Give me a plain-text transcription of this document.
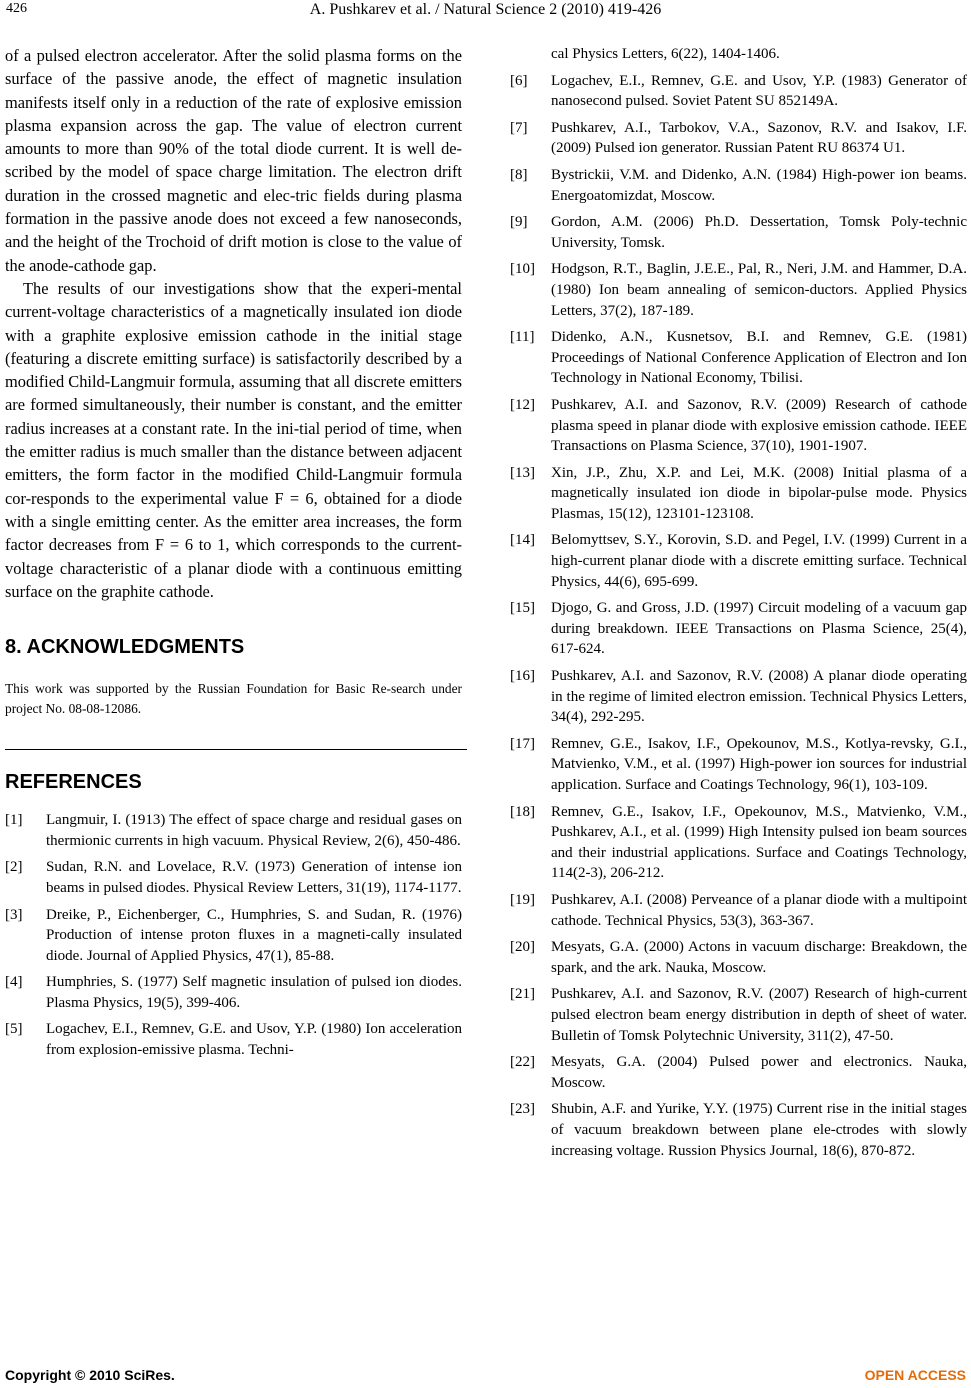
426	A. Pushkarev et al. / Natural Science 2 (2010) 419-426

of a pulsed electron accelerator. After the solid plasma forms on the surface of the passive anode, the effect of magnetic insulation manifests itself only in a reduction of the rate of explosive emission plasma expansion across the gap. The value of electron current amounts to more than 90% of the total diode current. It is well de-scribed by the model of space charge limitation. The electron drift duration in the crossed magnetic and elec-tric fields during plasma formation in the passive anode does not exceed a few nanoseconds, and the height of the Trochoid of drift motion is close to the value of the anode-cathode gap.

The results of our investigations show that the experi-mental current-voltage characteristics of a magnetically insulated ion diode with a graphite explosive emission cathode in the initial stage (featuring a discrete emitting surface) is satisfactorily described by a modified Child-Langmuir formula, assuming that all discrete emitters are formed simultaneously, their number is constant, and the emitter radius increases at a constant rate. In the ini-tial period of time, when the emitter radius is much smaller than the distance between adjacent emitters, the form factor in the modified Child-Langmuir formula cor-responds to the experimental value F = 6, obtained for a diode with a single emitting center. As the emitter area increases, the form factor decreases from F = 6 to 1, which corresponds to the current-voltage characteristic of a planar diode with a continuous emitting surface on the graphite cathode.

8. ACKNOWLEDGMENTS

This work was supported by the Russian Foundation for Basic Re-search under project No. 08-08-12086.

REFERENCES
[1] Langmuir, I. (1913) The effect of space charge and residual gases on thermionic currents in high vacuum. Physical Review, 2(6), 450-486.
[2] Sudan, R.N. and Lovelace, R.V. (1973) Generation of intense ion beams in pulsed diodes. Physical Review Letters, 31(19), 1174-1177.
[3] Dreike, P., Eichenberger, C., Humphries, S. and Sudan, R. (1976) Production of intense proton fluxes in a magneti-cally insulated diode. Journal of Applied Physics, 47(1), 85-88.
[4] Humphries, S. (1977) Self magnetic insulation of pulsed ion diodes. Plasma Physics, 19(5), 399-406.
[5] Logachev, E.I., Remnev, G.E. and Usov, Y.P. (1980) Ion acceleration from explosion-emissive plasma. Techni-
cal Physics Letters, 6(22), 1404-1406.
[6] Logachev, E.I., Remnev, G.E. and Usov, Y.P. (1983) Generator of nanosecond pulsed. Soviet Patent SU 852149A.
[7] Pushkarev, A.I., Tarbokov, V.A., Sazonov, R.V. and Isakov, I.F. (2009) Pulsed ion generator. Russian Patent RU 86374 U1.
[8] Bystrickii, V.M. and Didenko, A.N. (1984) High-power ion beams. Energoatomizdat, Moscow.
[9] Gordon, A.M. (2006) Ph.D. Dessertation, Tomsk Poly-technic University, Tomsk.
[10] Hodgson, R.T., Baglin, J.E.E., Pal, R., Neri, J.M. and Hammer, D.A. (1980) Ion beam annealing of semicon-ductors. Applied Physics Letters, 37(2), 187-189.
[11] Didenko, A.N., Kusnetsov, B.I. and Remnev, G.E. (1981) Proceedings of National Conference Application of Electron and Ion Technology in National Economy, Tbilisi.
[12] Pushkarev, A.I. and Sazonov, R.V. (2009) Research of cathode plasma speed in planar diode with explosive emission cathode. IEEE Transactions on Plasma Science, 37(10), 1901-1907.
[13] Xin, J.P., Zhu, X.P. and Lei, M.K. (2008) Initial plasma of a magnetically insulated ion diode in bipolar-pulse mode. Physics Plasmas, 15(12), 123101-123108.
[14] Belomyttsev, S.Y., Korovin, S.D. and Pegel, I.V. (1999) Current in a high-current planar diode with a discrete emitting surface. Technical Physics, 44(6), 695-699.
[15] Djogo, G. and Gross, J.D. (1997) Circuit modeling of a vacuum gap during breakdown. IEEE Transactions on Plasma Science, 25(4), 617-624.
[16] Pushkarev, A.I. and Sazonov, R.V. (2008) A planar diode operating in the regime of limited electron emission. Technical Physics Letters, 34(4), 292-295.
[17] Remnev, G.E., Isakov, I.F., Opekounov, M.S., Kotlya-revsky, G.I., Matvienko, V.M., et al. (1997) High-power ion sources for industrial application. Surface and Coatings Technology, 96(1), 103-109.
[18] Remnev, G.E., Isakov, I.F., Opekounov, M.S., Matvienko, V.M., Pushkarev, A.I., et al. (1999) High Intensity pulsed ion beam sources and their industrial applications. Surface and Coatings Technology, 114(2-3), 206-212.
[19] Pushkarev, A.I. (2008) Perveance of a planar diode with a multipoint cathode. Technical Physics, 53(3), 363-367.
[20] Mesyats, G.A. (2000) Actons in vacuum discharge: Breakdown, the spark, and the ark. Nauka, Moscow.
[21] Pushkarev, A.I. and Sazonov, R.V. (2007) Research of high-current pulsed electron beam energy distribution in depth of sheet of water. Bulletin of Tomsk Polytechnic University, 311(2), 47-50.
[22] Mesyats, G.A. (2004) Pulsed power and electronics. Nauka, Moscow.
[23] Shubin, A.F. and Yurike, Y.Y. (1975) Current rise in the initial stages of vacuum breakdown between plane ele-ctrodes with slowly increasing voltage. Russion Physics Journal, 18(6), 870-872.
Copyright © 2010 SciRes.	OPEN ACCESS
